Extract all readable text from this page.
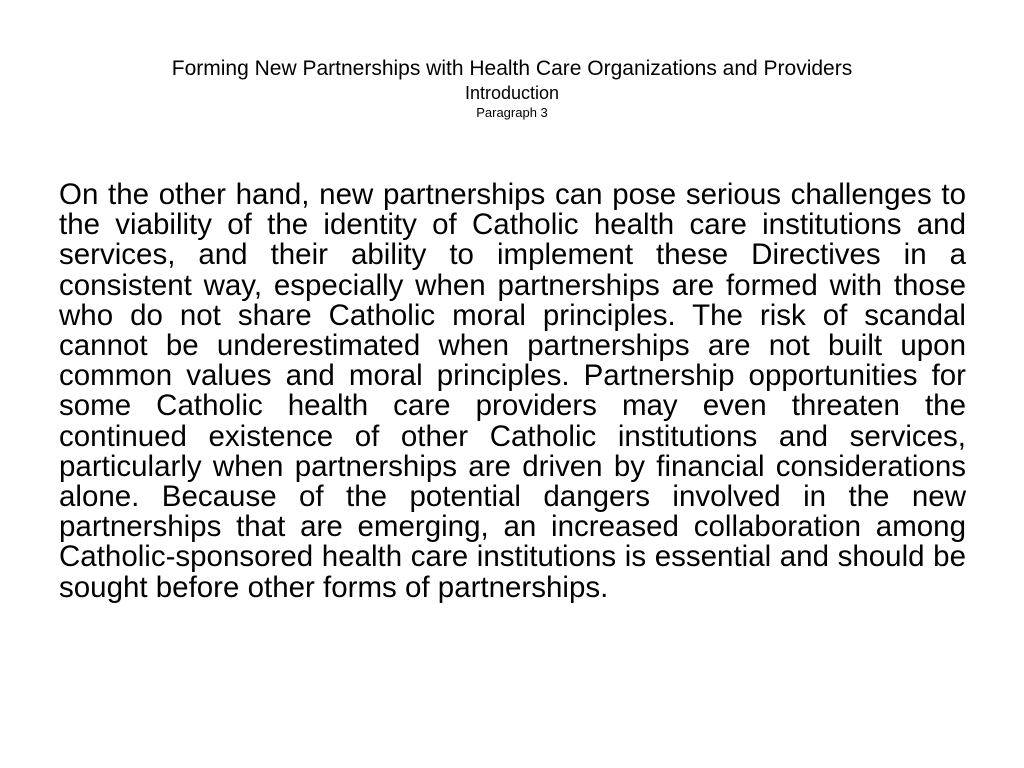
Forming New Partnerships with Health Care Organizations and Providers

Introduction

Paragraph 3

On the other hand, new partnerships can pose serious challenges to the viability of the identity of Catholic health care institutions and services, and their ability to implement these Directives in a consistent way, especially when partnerships are formed with those who do not share Catholic moral principles. The risk of scandal cannot be underestimated when partnerships are not built upon common values and moral principles. Partnership opportunities for some Catholic health care providers may even threaten the continued existence of other Catholic institutions and services, particularly when partnerships are driven by financial considerations alone. Because of the potential dangers involved in the new partnerships that are emerging, an increased collaboration among Catholic-sponsored health care institutions is essential and should be sought before other forms of partnerships.
